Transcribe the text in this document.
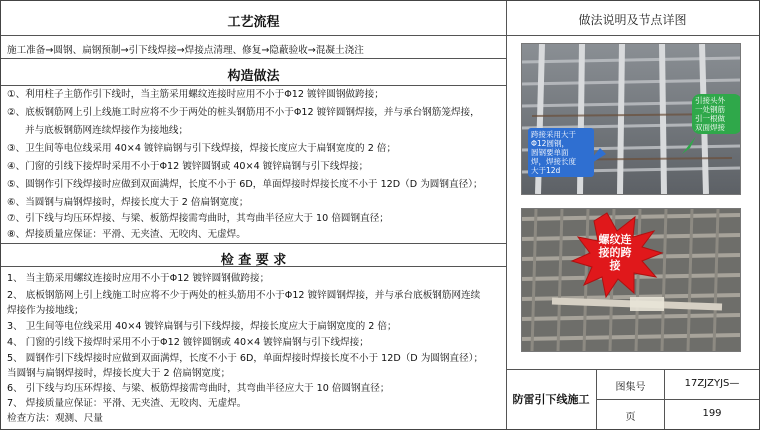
工艺流程
施工准备→圆钢、扁钢预制→引下线焊接→焊接点清理、修复→隐蔽验收→混凝土浇注
构造做法
①、利用柱子主筋作引下线时，当主筋采用螺纹连接时应用不小于Φ12 镀锌圆钢做跨接；
②、底板钢筋网上引上线施工时应将不少于两处的桩头钢筋用不小于Φ12 镀锌圆钢焊接，并与承台钢筋笼焊接，
并与底板钢筋网连续焊接作为接地线；
③、卫生间等电位线采用 40×4 镀锌扁钢与引下线焊接，焊接长度应大于扁钢宽度的 2 倍；
④、门窗的引线下接焊时采用不小于Φ12 镀锌圆钢或 40×4 镀锌扁钢与引下线焊接；
⑤、圆钢作引下线焊接时应做到双面满焊，长度不小于 6D，单面焊接时焊接长度不小于 12D（D 为圆钢直径）；
⑥、当圆钢与扁钢焊接时，焊接长度大于 2 倍扁钢宽度；
⑦、引下线与均压环焊接、与梁、板筋焊接需弯曲时，其弯曲半径应大于 10 倍圆钢直径；
⑧、焊接质量应保证：平滑、无夹渣、无咬肉、无虚焊。
检 查 要 求
1、 当主筋采用螺纹连接时应用不小于Φ12 镀锌圆钢做跨接；
2、 底板钢筋网上引上线施工时应将不少于两处的桩头筋用不小于Φ12 镀锌圆钢焊接，并与承台底板钢筋网连续
焊接作为接地线；
3、 卫生间等电位线采用 40×4 镀锌扁钢与引下线焊接，焊接长度应大于扁钢宽度的 2 倍；
4、 门窗的引线下接焊时采用不小于Φ12 镀锌圆钢或 40×4 镀锌扁钢与引下线焊接；
5、 圆钢作引下线焊接时应做到双面满焊，长度不小于 6D，单面焊接时焊接长度不小于 12D（D 为圆钢直径）；
当圆钢与扁钢焊接时，焊接长度大于 2 倍扁钢宽度；
6、 引下线与均压环焊接、与梁、板筋焊接需弯曲时，其弯曲半径应大于 10 倍圆钢直径；
7、 焊接质量应保证：平滑、无夹渣、无咬肉、无虚焊。
检查方法：观测、尺量
做法说明及节点详图
跨接采用大于
Φ12圆钢，
圆钢要单面
焊，焊接长度
大于12d
引接头外
一处钢筋
引一根做
双面焊接
螺纹连
接的跨
接
防雷引下线施工
图集号	17ZJZYJS—
页	199
